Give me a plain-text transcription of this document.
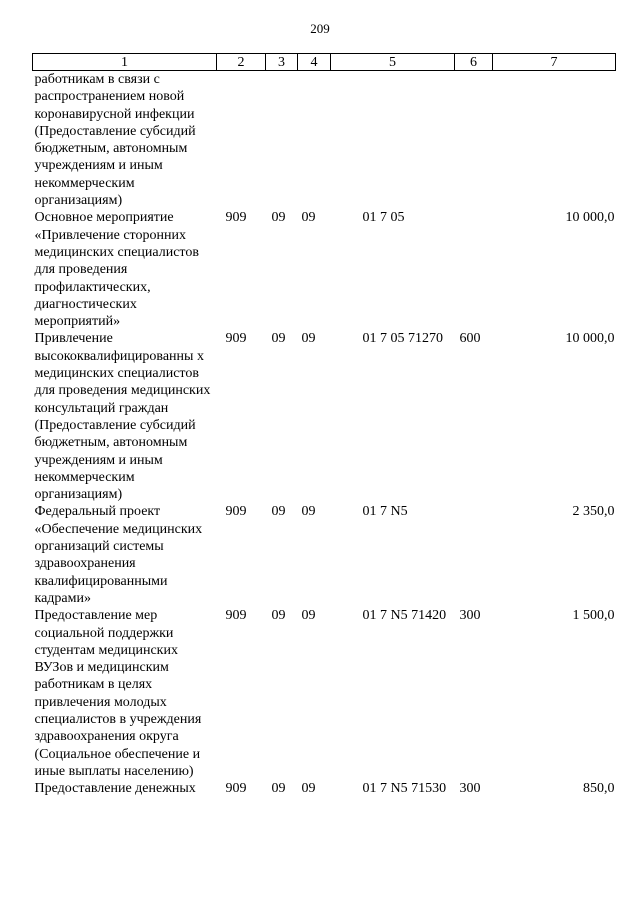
209
1	2	3	4	5	6	7
работникам в связи с распространением новой коронавирусной инфекции (Предоставление субсидий бюджетным, автономным учреждениям и иным некоммерческим организациям)						
Основное мероприятие «Привлечение сторонних медицинских специалистов для проведения профилактических, диагностических мероприятий»	909	09	09	01 7 05		10 000,0
Привлечение высококвалифицированны х медицинских специалистов для проведения медицинских консультаций граждан (Предоставление субсидий бюджетным, автономным учреждениям и иным некоммерческим организациям)	909	09	09	01 7 05 71270	600	10 000,0
Федеральный проект «Обеспечение медицинских организаций системы здравоохранения квалифицированными кадрами»	909	09	09	01 7 N5		2 350,0
Предоставление мер социальной поддержки студентам медицинских ВУЗов и медицинским работникам в целях привлечения молодых специалистов в учреждения здравоохранения округа (Социальное обеспечение и иные выплаты населению)	909	09	09	01 7 N5 71420	300	1 500,0
Предоставление денежных	909	09	09	01 7 N5 71530	300	850,0
